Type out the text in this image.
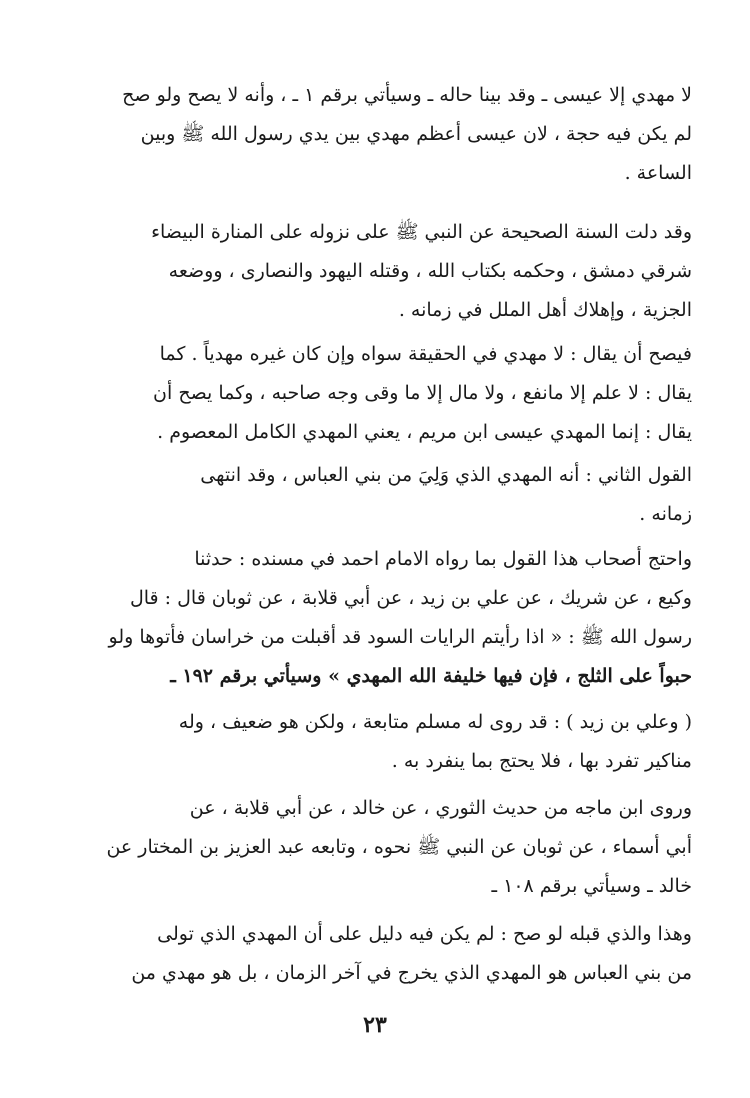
لا مهدي إلا عيسى ـ وقد بينا حاله ـ وسيأتي برقم ١ ـ ، وأنه لا يصح ولو صح
لم يكن فيه حجة ، لان عيسى أعظم مهدي بين يدي رسول الله ﷺ وبين
الساعة .

وقد دلت السنة الصحيحة عن النبي ﷺ على نزوله على المنارة البيضاء
شرقي دمشق ، وحكمه بكتاب الله ، وقتله اليهود والنصارى ، ووضعه
الجزية ، وإهلاك أهل الملل في زمانه .

فيصح أن يقال : لا مهدي في الحقيقة سواه وإن كان غيره مهدياً . كما
يقال : لا علم إلا مانفع ، ولا مال إلا ما وقى وجه صاحبه ، وكما يصح أن
يقال : إنما المهدي عيسى ابن مريم ، يعني المهدي الكامل المعصوم .

القول الثاني : أنه المهدي الذي وَلِيَ من بني العباس ، وقد انتهى
زمانه .

واحتج أصحاب هذا القول بما رواه الامام احمد في مسنده : حدثنا
وكيع ، عن شريك ، عن علي بن زيد ، عن أبي قلابة ، عن ثوبان قال : قال
رسول الله ﷺ : « اذا رأيتم الرايات السود قد أقبلت من خراسان فأتوها ولو
حبواً على الثلج ، فإن فيها خليفة الله المهدي » وسيأتي برقم ١٩٢ ـ

( وعلي بن زيد ) : قد روى له مسلم متابعة ، ولكن هو ضعيف ، وله
مناكير تفرد بها ، فلا يحتج بما ينفرد به .

وروى ابن ماجه من حديث الثوري ، عن خالد ، عن أبي قلابة ، عن
أبي أسماء ، عن ثوبان عن النبي ﷺ نحوه ، وتابعه عبد العزيز بن المختار عن
خالد ـ وسيأتي برقم ١٠٨ ـ

وهذا والذي قبله لو صح : لم يكن فيه دليل على أن المهدي الذي تولى
من بني العباس هو المهدي الذي يخرج في آخر الزمان ، بل هو مهدي من

٢٣
